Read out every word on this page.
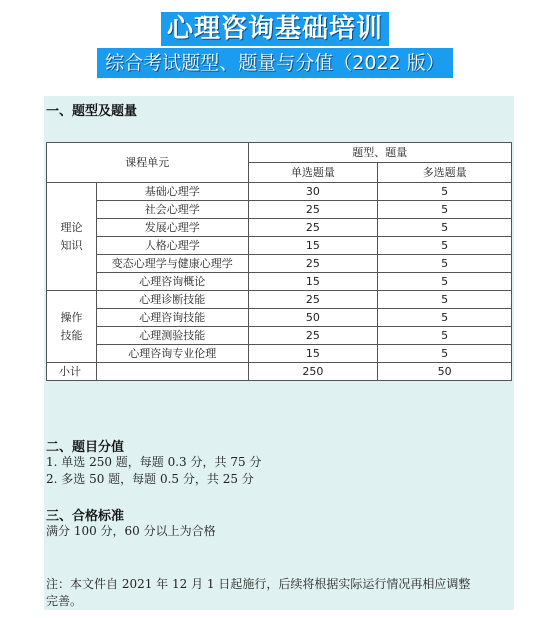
心理咨询基础培训
综合考试题型、题量与分值（2022 版）
一、题型及题量
课程单元		题型、题量	
		单选题量	多选题量
理论
知识	基础心理学	30	5
	社会心理学	25	5
	发展心理学	25	5
	人格心理学	15	5
	变态心理学与健康心理学	25	5
	心理咨询概论	15	5
操作
技能	心理诊断技能	25	5
	心理咨询技能	50	5
	心理测验技能	25	5
	心理咨询专业伦理	15	5
小计		250	50
二、题目分值
1. 单选 250 题，每题 0.3 分，共 75 分
2. 多选 50 题，每题 0.5 分，共 25 分
三、合格标准
满分 100 分，60 分以上为合格
注：本文件自 2021 年 12 月 1 日起施行，后续将根据实际运行情况再相应调整
完善。
